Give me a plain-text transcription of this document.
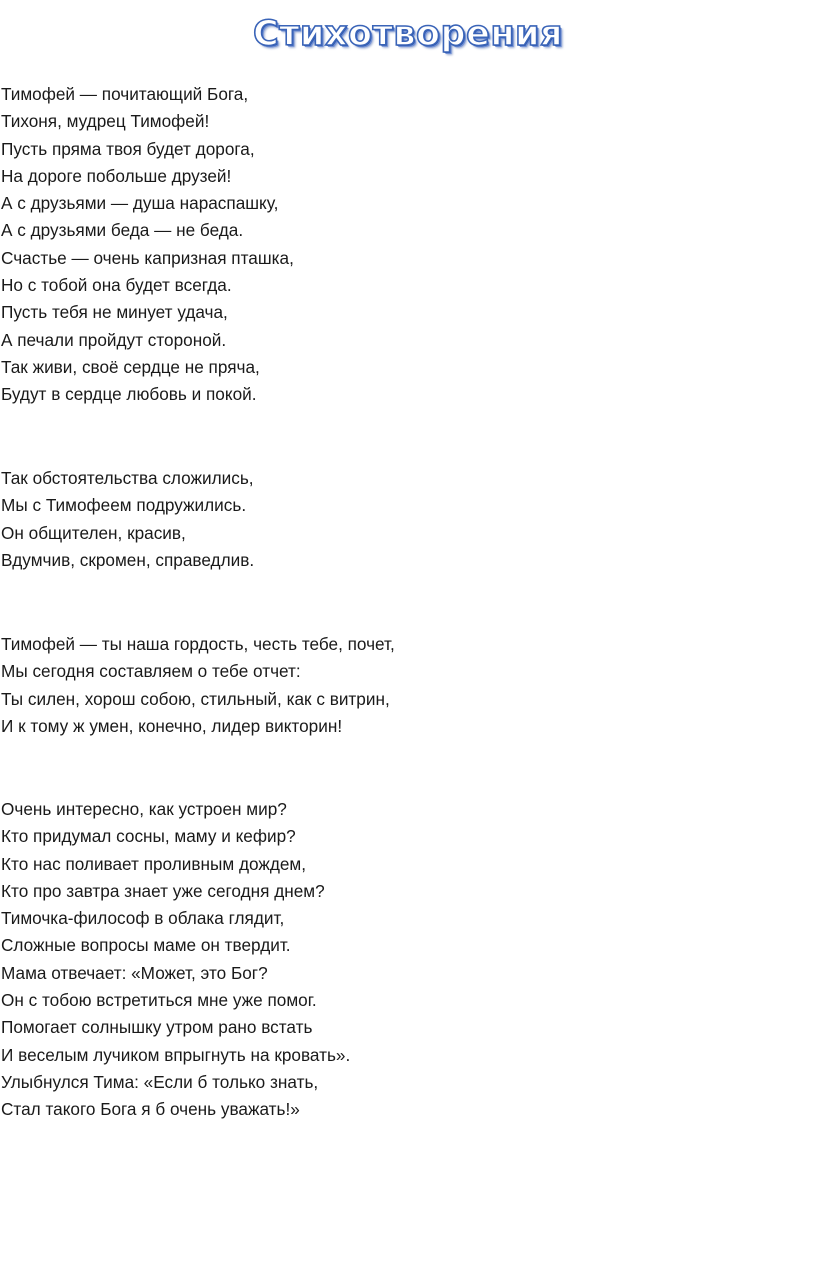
Стихотворения
Тимофей — почитающий Бога,
Тихоня, мудрец Тимофей!
Пусть пряма твоя будет дорога,
На дороге побольше друзей!
А с друзьями — душа нараспашку,
А с друзьями беда — не беда.
Счастье — очень капризная пташка,
Но с тобой она будет всегда.
Пусть тебя не минует удача,
А печали пройдут стороной.
Так живи, своё сердце не пряча,
Будут в сердце любовь и покой.
Так обстоятельства сложились,
Мы с Тимофеем подружились.
Он общителен, красив,
Вдумчив, скромен, справедлив.
Тимофей — ты наша гордость, честь тебе, почет,
Мы сегодня составляем о тебе отчет:
Ты силен, хорош собою, стильный, как с витрин,
И к тому ж умен, конечно, лидер викторин!
Очень интересно, как устроен мир?
Кто придумал сосны, маму и кефир?
Кто нас поливает проливным дождем,
Кто про завтра знает уже сегодня днем?
Тимочка-философ в облака глядит,
Сложные вопросы маме он твердит.
Мама отвечает: «Может, это Бог?
Он с тобою встретиться мне уже помог.
Помогает солнышку утром рано встать
И веселым лучиком впрыгнуть на кровать».
Улыбнулся Тима: «Если б только знать,
Стал такого Бога я б очень уважать!»
